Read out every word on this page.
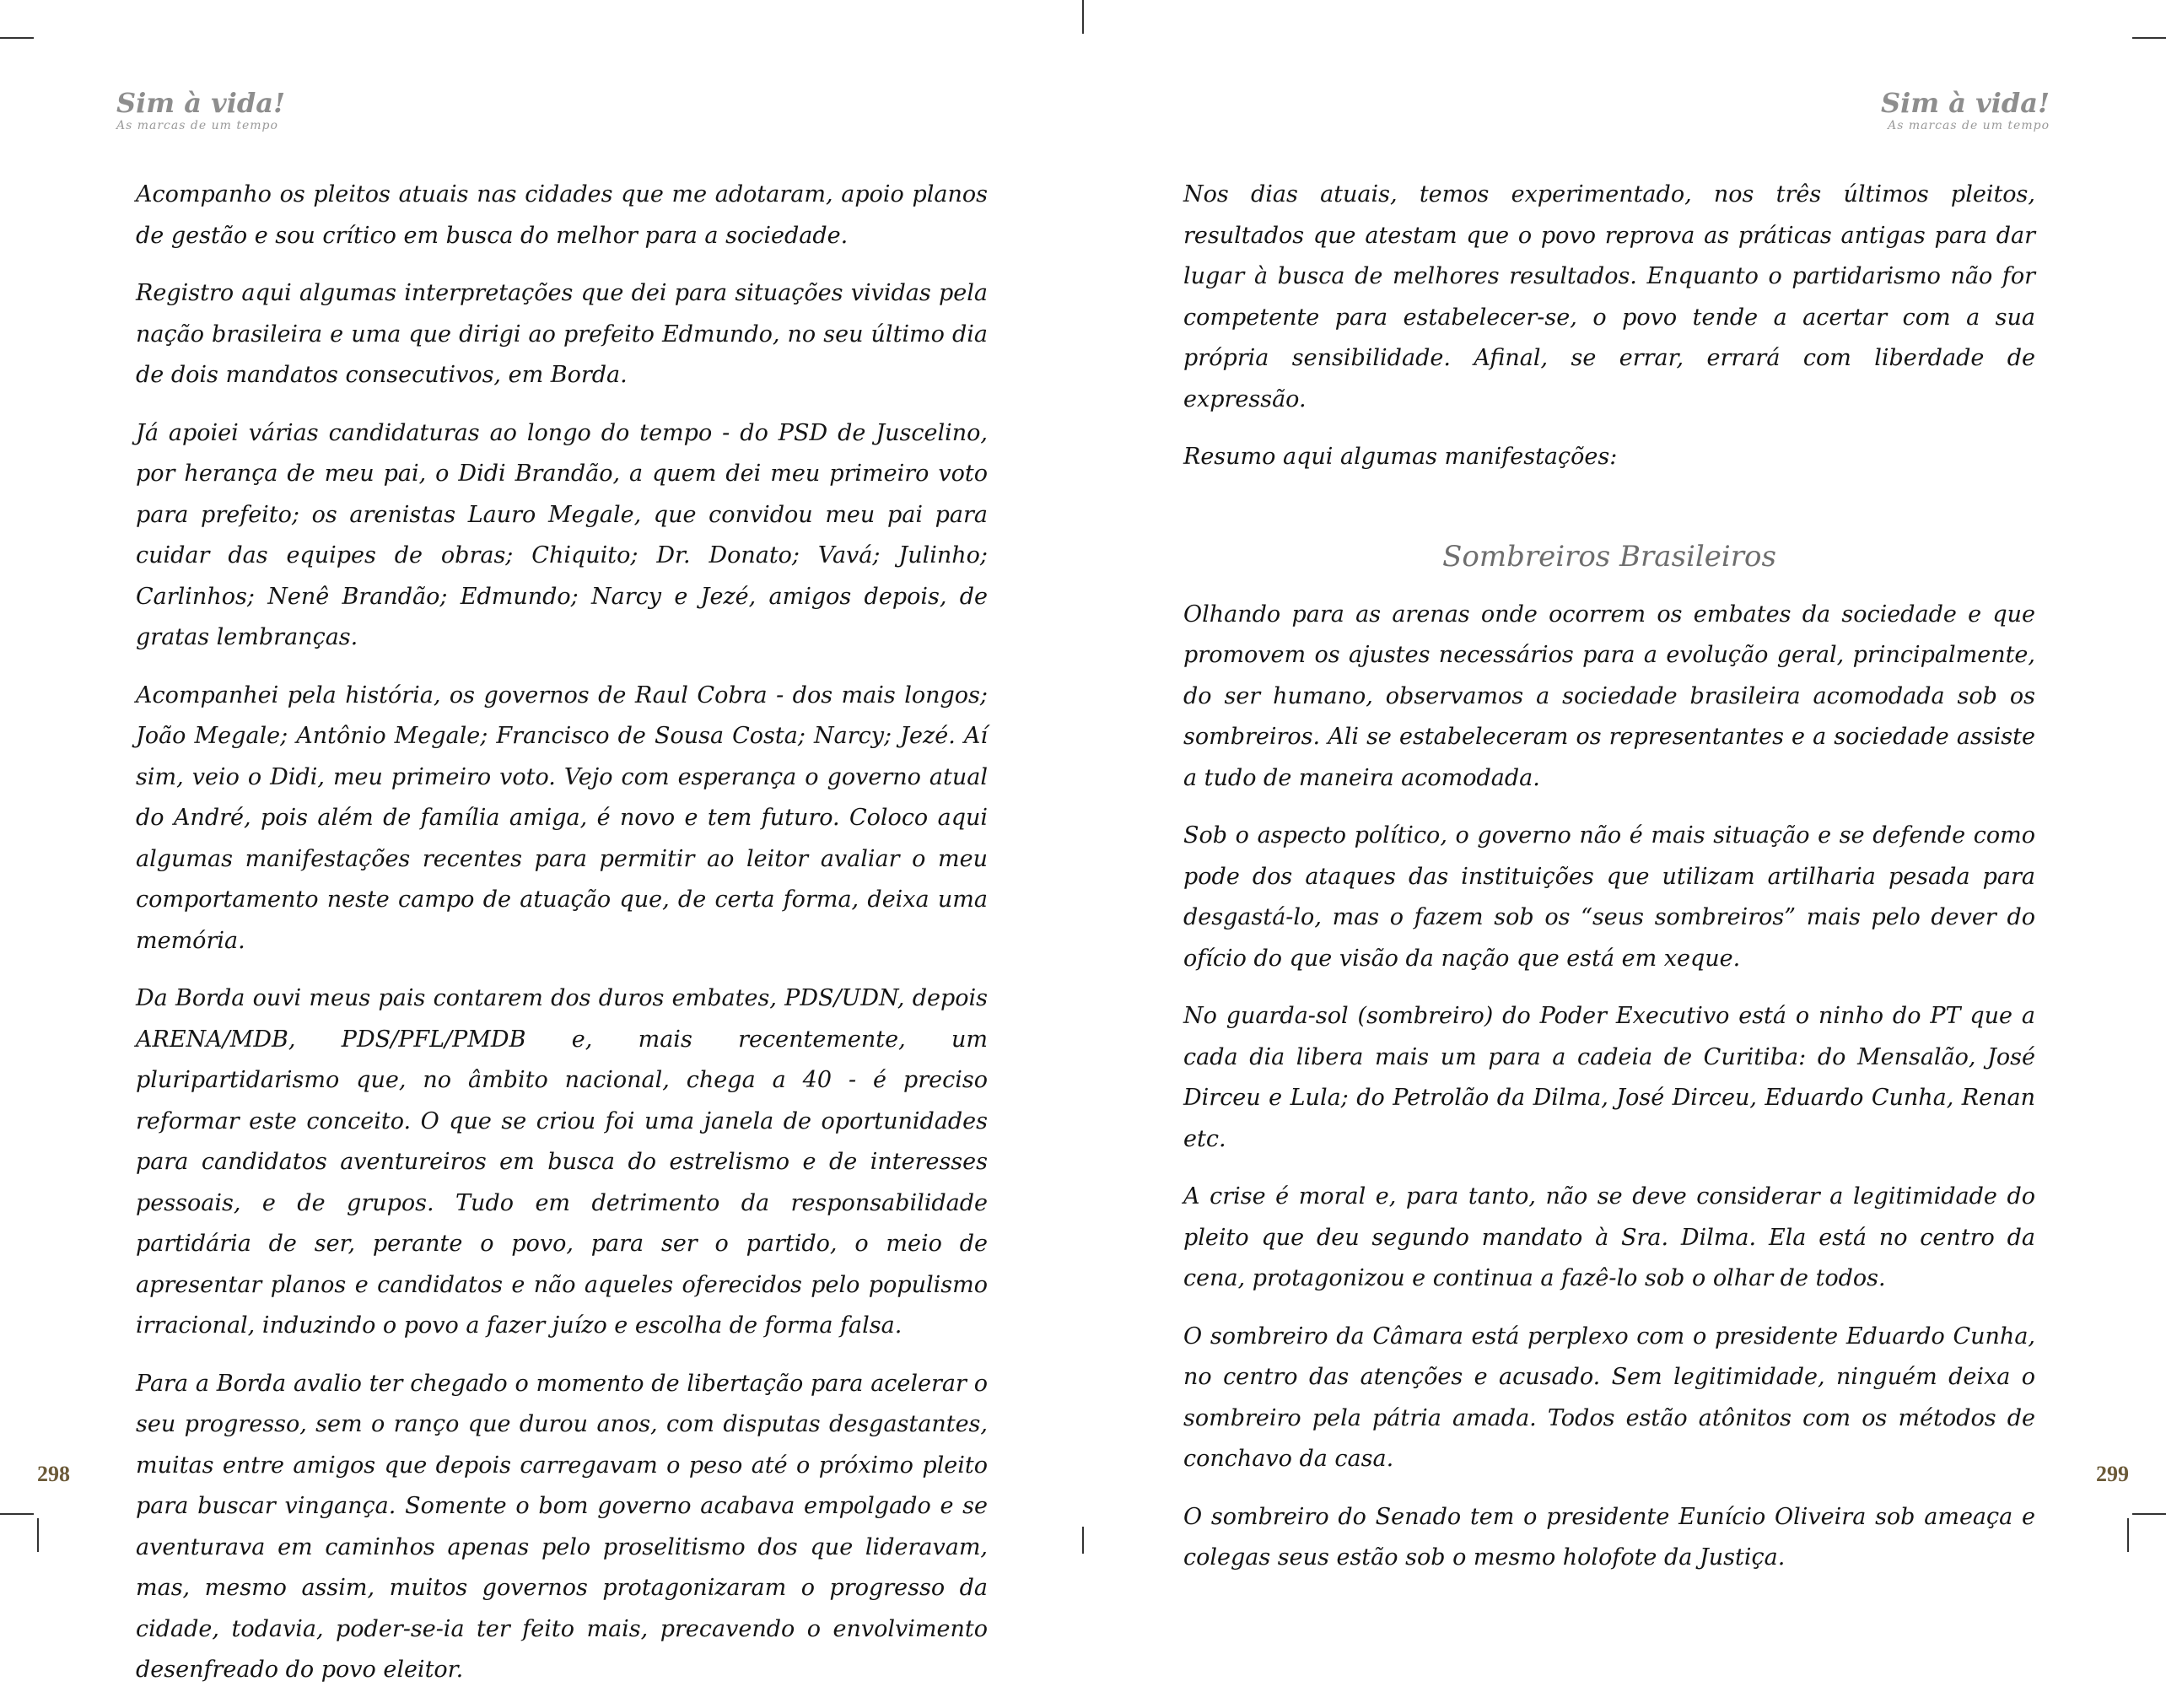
Sim à vida!
As marcas de um tempo

Acompanho os pleitos atuais nas cidades que me adotaram, apoio planos de gestão e sou crítico em busca do melhor para a sociedade.

Registro aqui algumas interpretações que dei para situações vividas pela nação brasileira e uma que dirigi ao prefeito Edmundo, no seu último dia de dois mandatos consecutivos, em Borda.

Já apoiei várias candidaturas ao longo do tempo - do PSD de Juscelino, por herança de meu pai, o Didi Brandão, a quem dei meu primeiro voto para prefeito; os arenistas Lauro Megale, que convidou meu pai para cuidar das equipes de obras; Chiquito; Dr. Donato; Vavá; Julinho; Carlinhos; Nenê Brandão; Edmundo; Narcy e Jezé, amigos depois, de gratas lembranças.

Acompanhei pela história, os governos de Raul Cobra - dos mais longos; João Megale; Antônio Megale; Francisco de Sousa Costa; Narcy; Jezé. Aí sim, veio o Didi, meu primeiro voto. Vejo com esperança o governo atual do André, pois além de família amiga, é novo e tem futuro. Coloco aqui algumas manifestações recentes para permitir ao leitor avaliar o meu comportamento neste campo de atuação que, de certa forma, deixa uma memória.

Da Borda ouvi meus pais contarem dos duros embates, PDS/UDN, depois ARENA/MDB, PDS/PFL/PMDB e, mais recentemente, um pluripartidarismo que, no âmbito nacional, chega a 40 - é preciso reformar este conceito. O que se criou foi uma janela de oportunidades para candidatos aventureiros em busca do estrelismo e de interesses pessoais, e de grupos. Tudo em detrimento da responsabilidade partidária de ser, perante o povo, para ser o partido, o meio de apresentar planos e candidatos e não aqueles oferecidos pelo populismo irracional, induzindo o povo a fazer juízo e escolha de forma falsa.

Para a Borda avalio ter chegado o momento de libertação para acelerar o seu progresso, sem o ranço que durou anos, com disputas desgastantes, muitas entre amigos que depois carregavam o peso até o próximo pleito para buscar vingança. Somente o bom governo acabava empolgado e se aventurava em caminhos apenas pelo proselitismo dos que lideravam, mas, mesmo assim, muitos governos protagonizaram o progresso da cidade, todavia, poder-se-ia ter feito mais, precavendo o envolvimento desenfreado do povo eleitor.

298
Sim à vida!
As marcas de um tempo

Nos dias atuais, temos experimentado, nos três últimos pleitos, resultados que atestam que o povo reprova as práticas antigas para dar lugar à busca de melhores resultados. Enquanto o partidarismo não for competente para estabelecer-se, o povo tende a acertar com a sua própria sensibilidade. Afinal, se errar, errará com liberdade de expressão.

Resumo aqui algumas manifestações:

Sombreiros Brasileiros

Olhando para as arenas onde ocorrem os embates da sociedade e que promovem os ajustes necessários para a evolução geral, principalmente, do ser humano, observamos a sociedade brasileira acomodada sob os sombreiros. Ali se estabeleceram os representantes e a sociedade assiste a tudo de maneira acomodada.

Sob o aspecto político, o governo não é mais situação e se defende como pode dos ataques das instituições que utilizam artilharia pesada para desgastá-lo, mas o fazem sob os “seus sombreiros” mais pelo dever do ofício do que visão da nação que está em xeque.

No guarda-sol (sombreiro) do Poder Executivo está o ninho do PT que a cada dia libera mais um para a cadeia de Curitiba: do Mensalão, José Dirceu e Lula; do Petrolão da Dilma, José Dirceu, Eduardo Cunha, Renan etc.

A crise é moral e, para tanto, não se deve considerar a legitimidade do pleito que deu segundo mandato à Sra. Dilma. Ela está no centro da cena, protagonizou e continua a fazê-lo sob o olhar de todos.

O sombreiro da Câmara está perplexo com o presidente Eduardo Cunha, no centro das atenções e acusado. Sem legitimidade, ninguém deixa o sombreiro pela pátria amada. Todos estão atônitos com os métodos de conchavo da casa.

O sombreiro do Senado tem o presidente Eunício Oliveira sob ameaça e colegas seus estão sob o mesmo holofote da Justiça.

299
